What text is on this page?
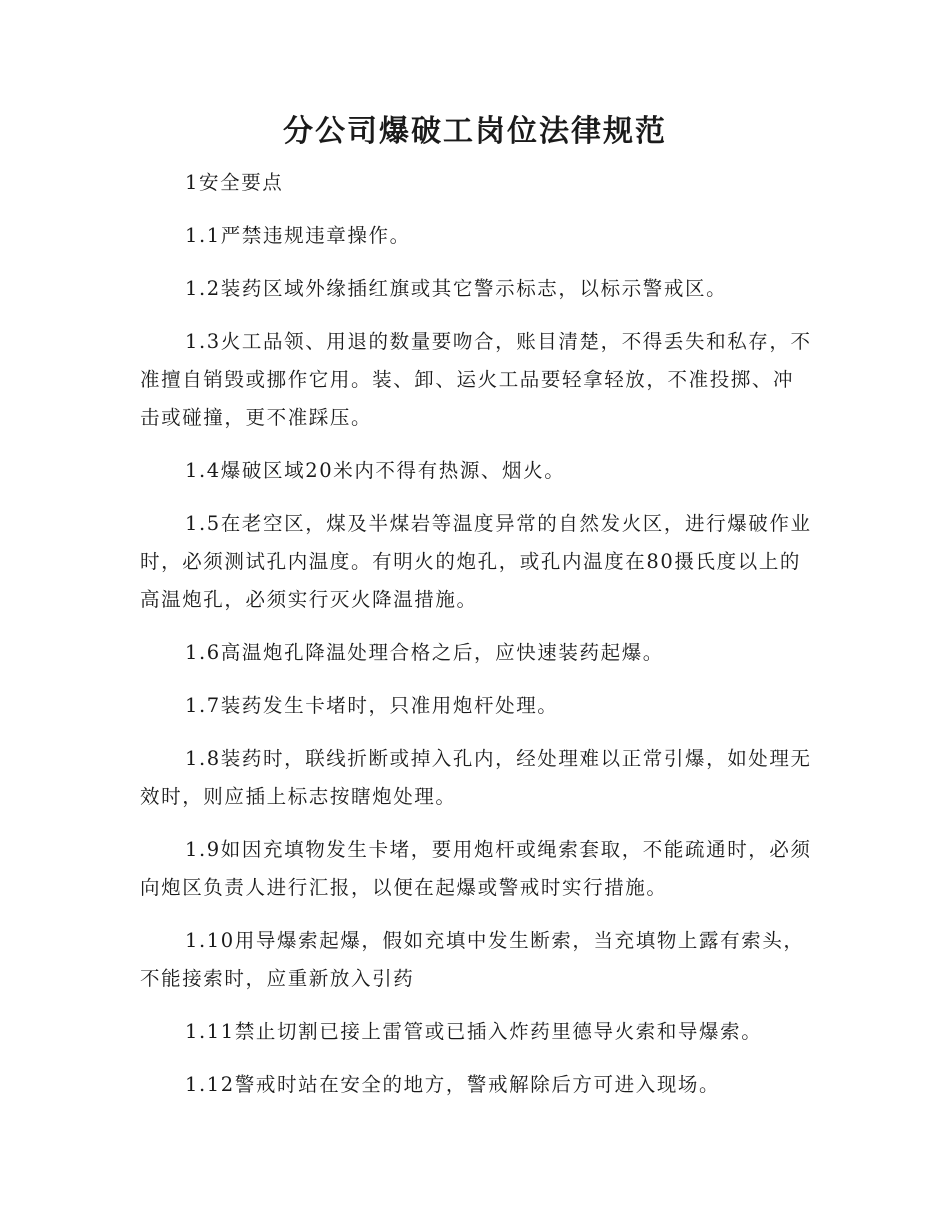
分公司爆破工岗位法律规范

1安全要点

1.1严禁违规违章操作。

1.2装药区域外缘插红旗或其它警示标志，以标示警戒区。

1.3火工品领、用退的数量要吻合，账目清楚，不得丢失和私存，不准擅自销毁或挪作它用。装、卸、运火工品要轻拿轻放，不准投掷、冲击或碰撞，更不准踩压。

1.4爆破区域20米内不得有热源、烟火。

1.5在老空区，煤及半煤岩等温度异常的自然发火区，进行爆破作业时，必须测试孔内温度。有明火的炮孔，或孔内温度在80摄氏度以上的高温炮孔，必须实行灭火降温措施。

1.6高温炮孔降温处理合格之后，应快速装药起爆。

1.7装药发生卡堵时，只准用炮杆处理。

1.8装药时，联线折断或掉入孔内，经处理难以正常引爆，如处理无效时，则应插上标志按瞎炮处理。

1.9如因充填物发生卡堵，要用炮杆或绳索套取，不能疏通时，必须向炮区负责人进行汇报，以便在起爆或警戒时实行措施。

1.10用导爆索起爆，假如充填中发生断索，当充填物上露有索头，不能接索时，应重新放入引药

1.11禁止切割已接上雷管或已插入炸药里德导火索和导爆索。

1.12警戒时站在安全的地方，警戒解除后方可进入现场。
